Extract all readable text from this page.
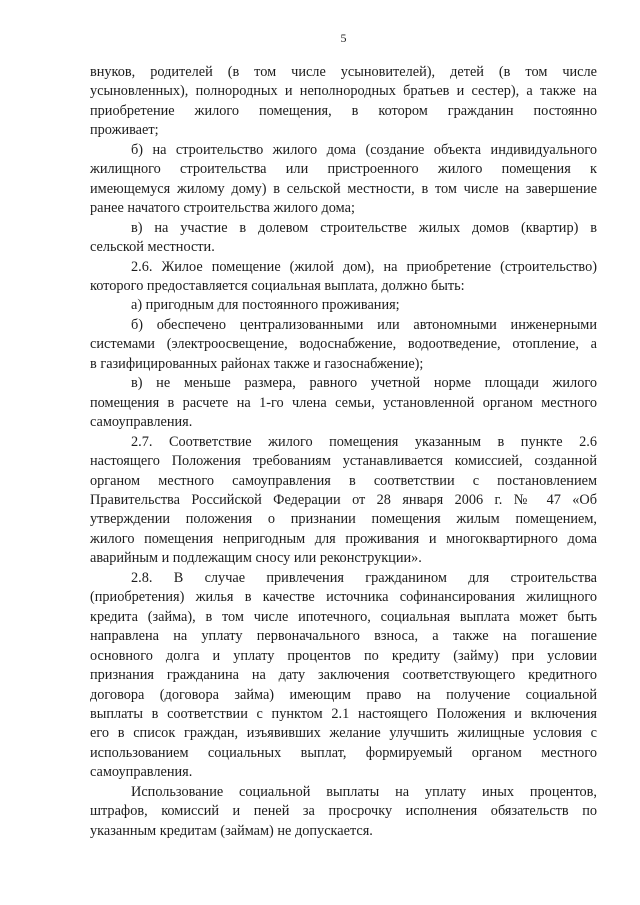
5
внуков, родителей (в том числе усыновителей), детей (в том числе
усыновленных), полнородных и неполнородных братьев и сестер), а также на
приобретение жилого помещения, в котором гражданин постоянно
проживает;
б) на строительство жилого дома (создание объекта индивидуального
жилищного строительства или пристроенного жилого помещения к
имеющемуся жилому дому) в сельской местности, в том числе на завершение
ранее начатого строительства жилого дома;
в) на участие в долевом строительстве жилых домов (квартир) в
сельской местности.
2.6. Жилое помещение (жилой дом), на приобретение (строительство)
которого предоставляется социальная выплата, должно быть:
а) пригодным для постоянного проживания;
б) обеспечено централизованными или автономными инженерными
системами (электроосвещение, водоснабжение, водоотведение, отопление, а
в газифицированных районах также и газоснабжение);
в) не меньше размера, равного учетной норме площади жилого
помещения в расчете на 1-го члена семьи, установленной органом местного
самоуправления.
2.7. Соответствие жилого помещения указанным в пункте 2.6
настоящего Положения требованиям устанавливается комиссией, созданной
органом местного самоуправления в соответствии с постановлением
Правительства Российской Федерации от 28 января 2006 г. № 47 «Об
утверждении положения о признании помещения жилым помещением,
жилого помещения непригодным для проживания и многоквартирного дома
аварийным и подлежащим сносу или реконструкции».
2.8. В случае привлечения гражданином для строительства
(приобретения) жилья в качестве источника софинансирования жилищного
кредита (займа), в том числе ипотечного, социальная выплата может быть
направлена на уплату первоначального взноса, а также на погашение
основного долга и уплату процентов по кредиту (займу) при условии
признания гражданина на дату заключения соответствующего кредитного
договора (договора займа) имеющим право на получение социальной
выплаты в соответствии с пунктом 2.1 настоящего Положения и включения
его в список граждан, изъявивших желание улучшить жилищные условия с
использованием социальных выплат, формируемый органом местного
самоуправления.
Использование социальной выплаты на уплату иных процентов,
штрафов, комиссий и пеней за просрочку исполнения обязательств по
указанным кредитам (займам) не допускается.
